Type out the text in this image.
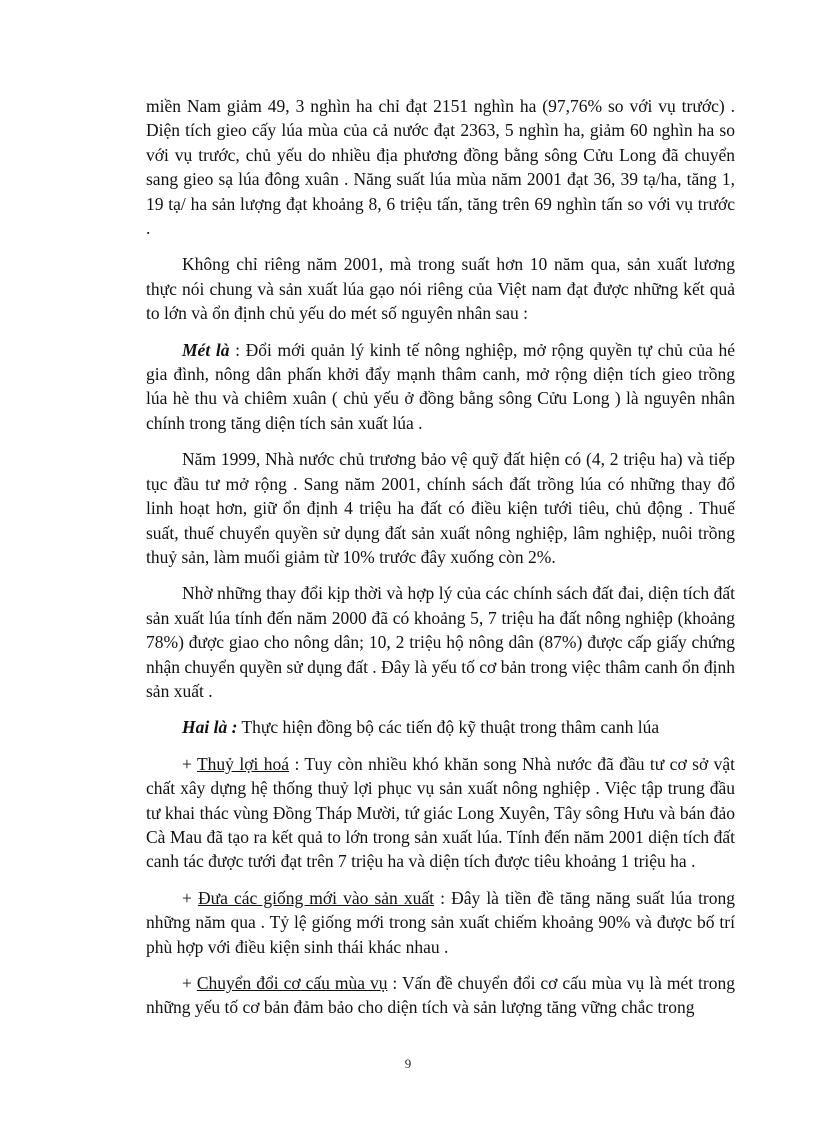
miền Nam giảm 49, 3 nghìn ha chỉ đạt 2151 nghìn ha (97,76% so với vụ trước) . Diện tích gieo cấy lúa mùa của cả nước đạt 2363, 5 nghìn ha, giảm 60 nghìn ha so với vụ trước, chủ yếu do nhiều địa phương đồng bằng sông Cửu Long đã chuyển sang gieo sạ lúa đông xuân . Năng suất lúa mùa năm 2001 đạt 36, 39 tạ/ha, tăng 1, 19 tạ/ ha sản lượng đạt khoảng 8, 6 triệu tấn, tăng trên 69 nghìn tấn so với vụ trước .

Không chỉ riêng năm 2001, mà trong suất hơn 10 năm qua, sản xuất lương thực nói chung và sản xuất lúa gạo nói riêng của Việt nam đạt được những kết quả to lớn và ổn định chủ yếu do mét số nguyên nhân sau :

Mét là : Đổi mới quản lý kinh tế nông nghiệp, mở rộng quyền tự chủ của hé gia đình, nông dân phấn khởi đẩy mạnh thâm canh, mở rộng diện tích gieo trồng lúa hè thu và chiêm xuân ( chủ yếu ở đồng bằng sông Cửu Long ) là nguyên nhân chính trong tăng diện tích sản xuất lúa .

Năm 1999, Nhà nước chủ trương bảo vệ quỹ đất hiện có (4, 2 triệu ha) và tiếp tục đầu tư mở rộng . Sang năm 2001, chính sách đất trồng lúa có những thay đổ linh hoạt hơn, giữ ổn định 4 triệu ha đất có điều kiện tưới tiêu, chủ động . Thuế suất, thuế chuyển quyền sử dụng đất sản xuất nông nghiệp, lâm nghiệp, nuôi trồng thuỷ sản, làm muối giảm từ 10% trước đây xuống còn 2%.

Nhờ những thay đổi kịp thời và hợp lý của các chính sách đất đai, diện tích đất sản xuất lúa tính đến năm 2000 đã có khoảng 5, 7 triệu ha đất nông nghiệp (khoảng 78%) được giao cho nông dân; 10, 2 triệu hộ nông dân (87%) được cấp giấy chứng nhận chuyển quyền sử dụng đất . Đây là yếu tố cơ bản trong việc thâm canh ổn định sản xuất .

Hai là : Thực hiện đồng bộ các tiến độ kỹ thuật trong thâm canh lúa

+ Thuỷ lợi hoá : Tuy còn nhiều khó khăn song Nhà nước đã đầu tư cơ sở vật chất xây dựng hệ thống thuỷ lợi phục vụ sản xuất nông nghiệp . Việc tập trung đầu tư khai thác vùng Đồng Tháp Mười, tứ giác Long Xuyên, Tây sông Hưu và bán đảo Cà Mau đã tạo ra kết quả to lớn trong sản xuất lúa. Tính đến năm 2001 diện tích đất canh tác được tưới đạt trên 7 triệu ha và diện tích được tiêu khoảng 1 triệu ha .

+ Đưa các giống mới vào sản xuất : Đây là tiền đề tăng năng suất lúa trong những năm qua . Tỷ lệ giống mới trong sản xuất chiếm khoảng 90% và được bố trí phù hợp với điều kiện sinh thái khác nhau .

+ Chuyển đổi cơ cấu mùa vụ : Vấn đề chuyển đổi cơ cấu mùa vụ là mét trong những yếu tố cơ bản đảm bảo cho diện tích và sản lượng tăng vững chắc trong

9
